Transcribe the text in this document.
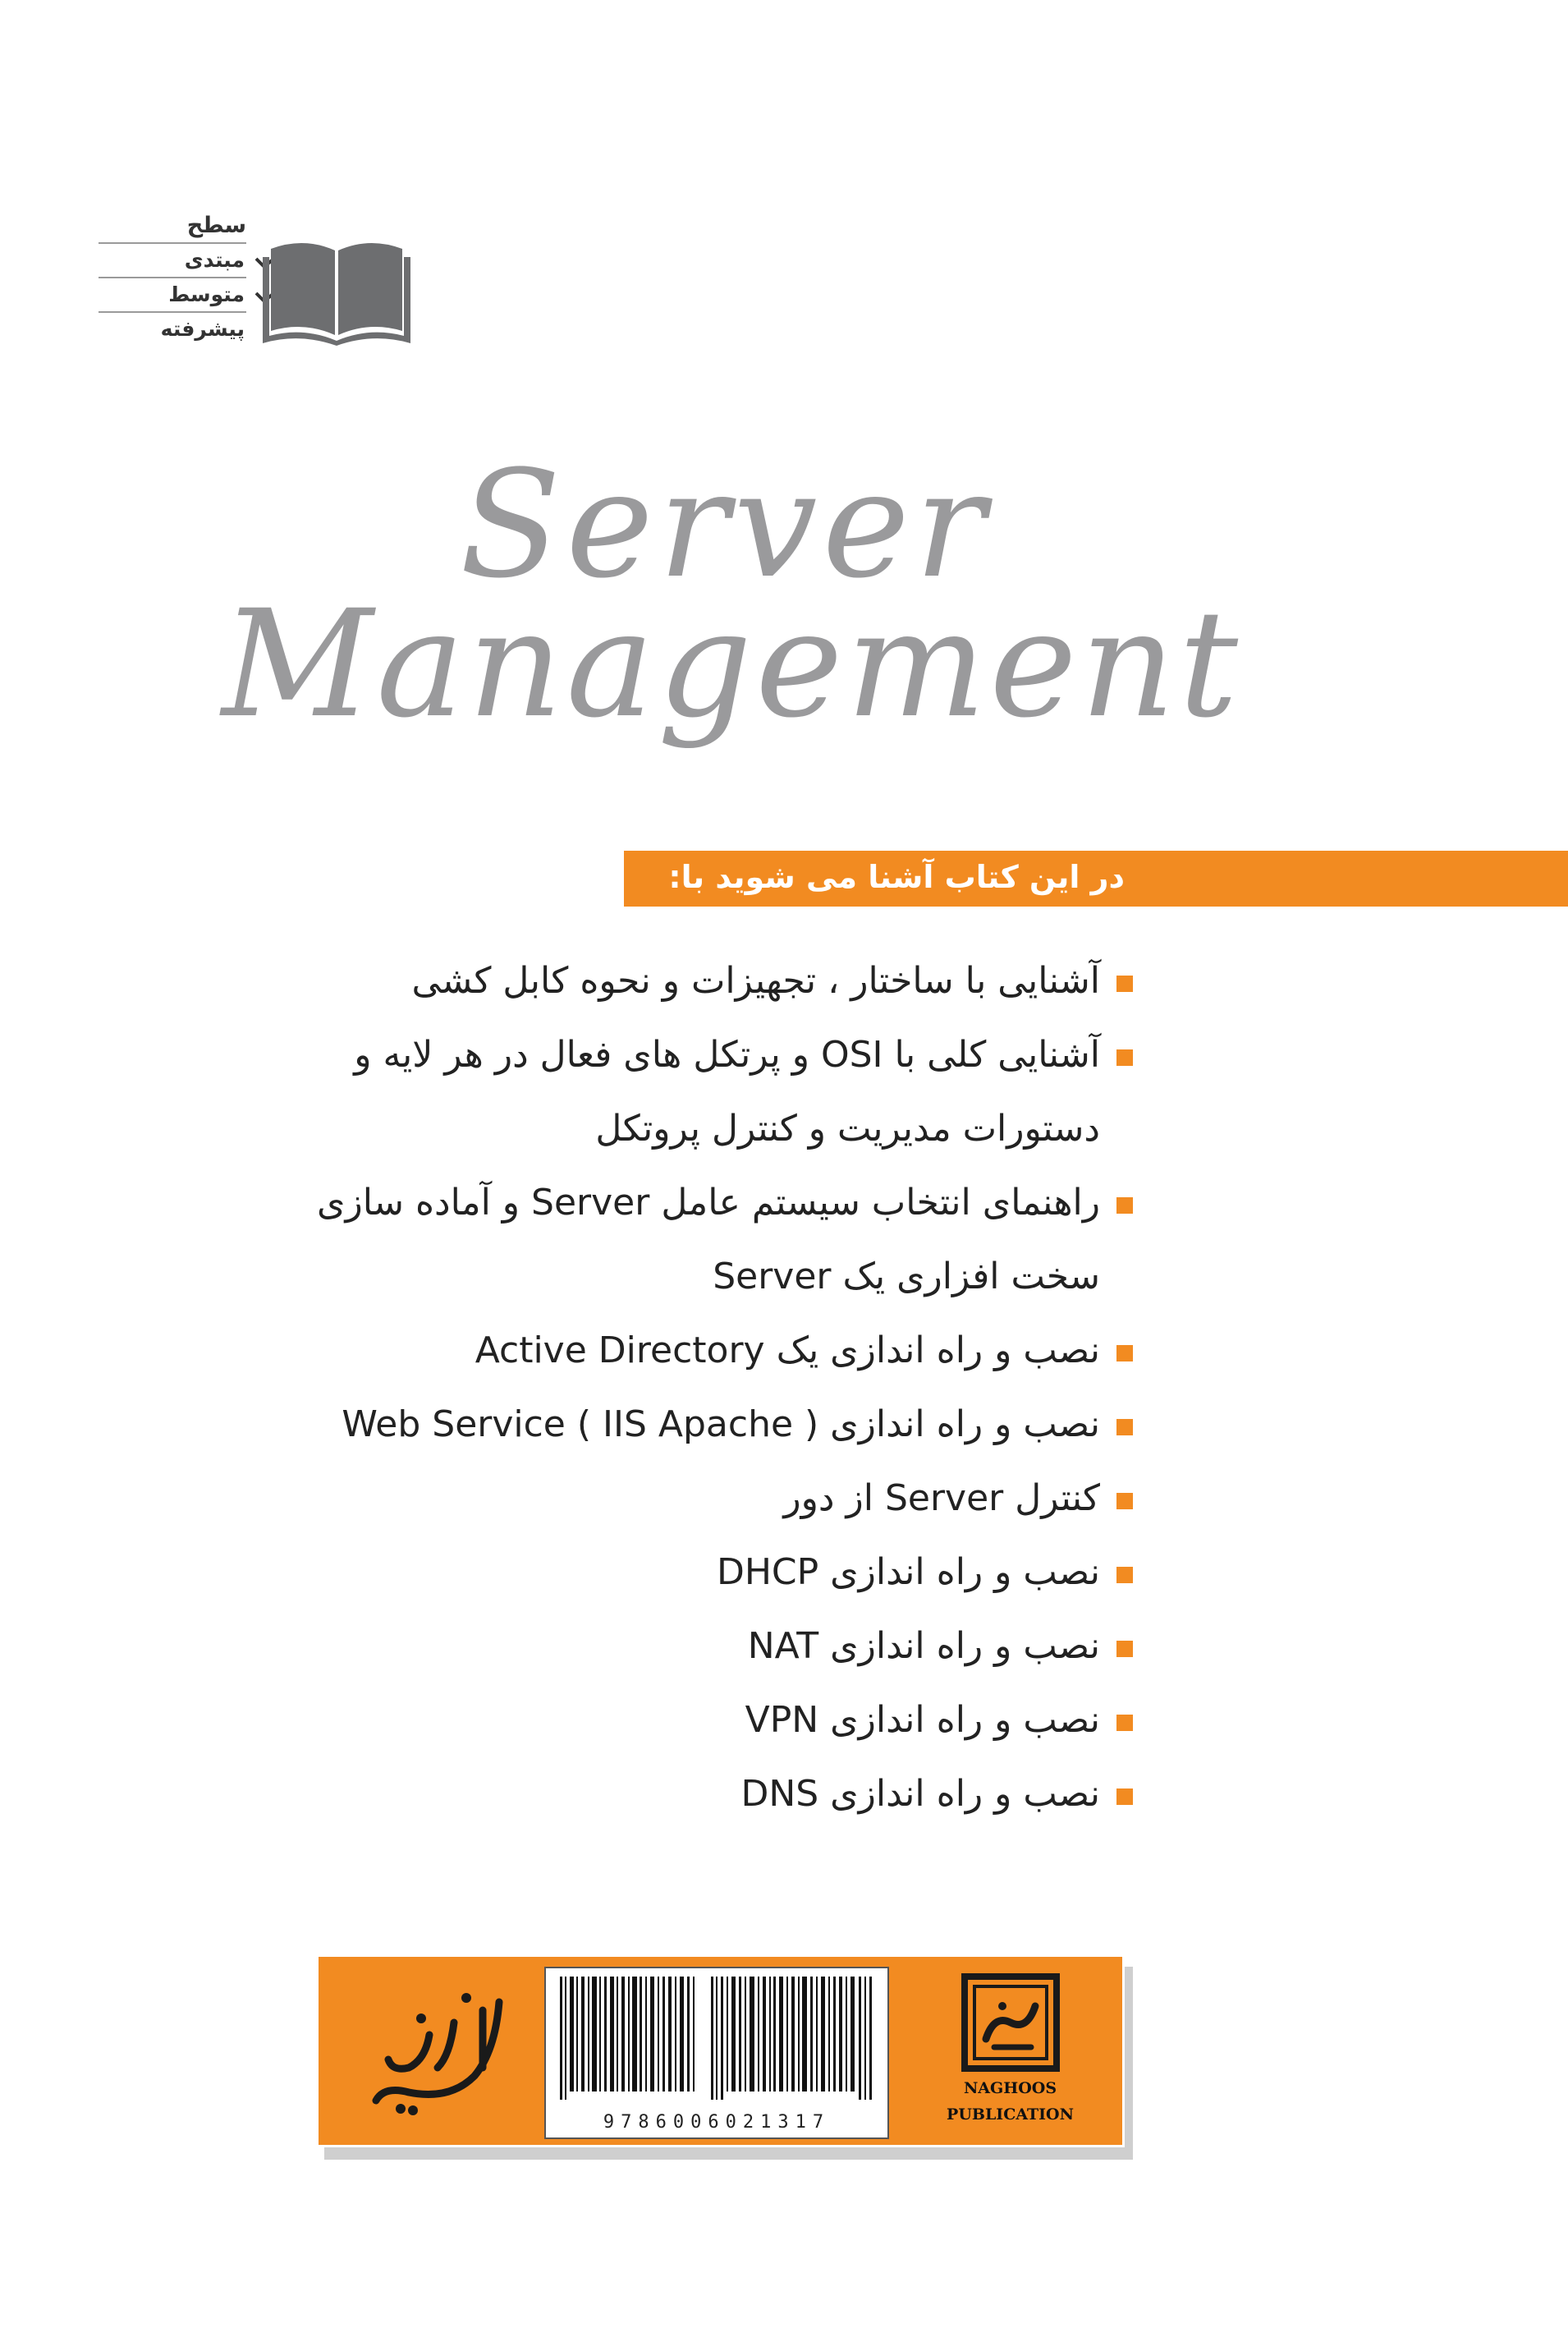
سطح
مبتدی
متوسط
پیشرفته
Server
Management
در این کتاب آشنا می شوید با:
آشنایی با ساختار ، تجهیزات و نحوه کابل کشی
آشنایی کلی با OSI و پرتکل های فعال در هر لایه و
دستورات مدیریت و کنترل پروتکل
راهنمای انتخاب سیستم عامل Server و آماده سازی
سخت افزاری یک Server
نصب و راه اندازی یک Active Directory
نصب و راه اندازی Web Service ( IIS Apache )
کنترل Server از دور
نصب و راه اندازی DHCP
نصب و راه اندازی NAT
نصب و راه اندازی VPN
نصب و راه اندازی DNS
9786006021317
NAGHOOS
PUBLICATION
